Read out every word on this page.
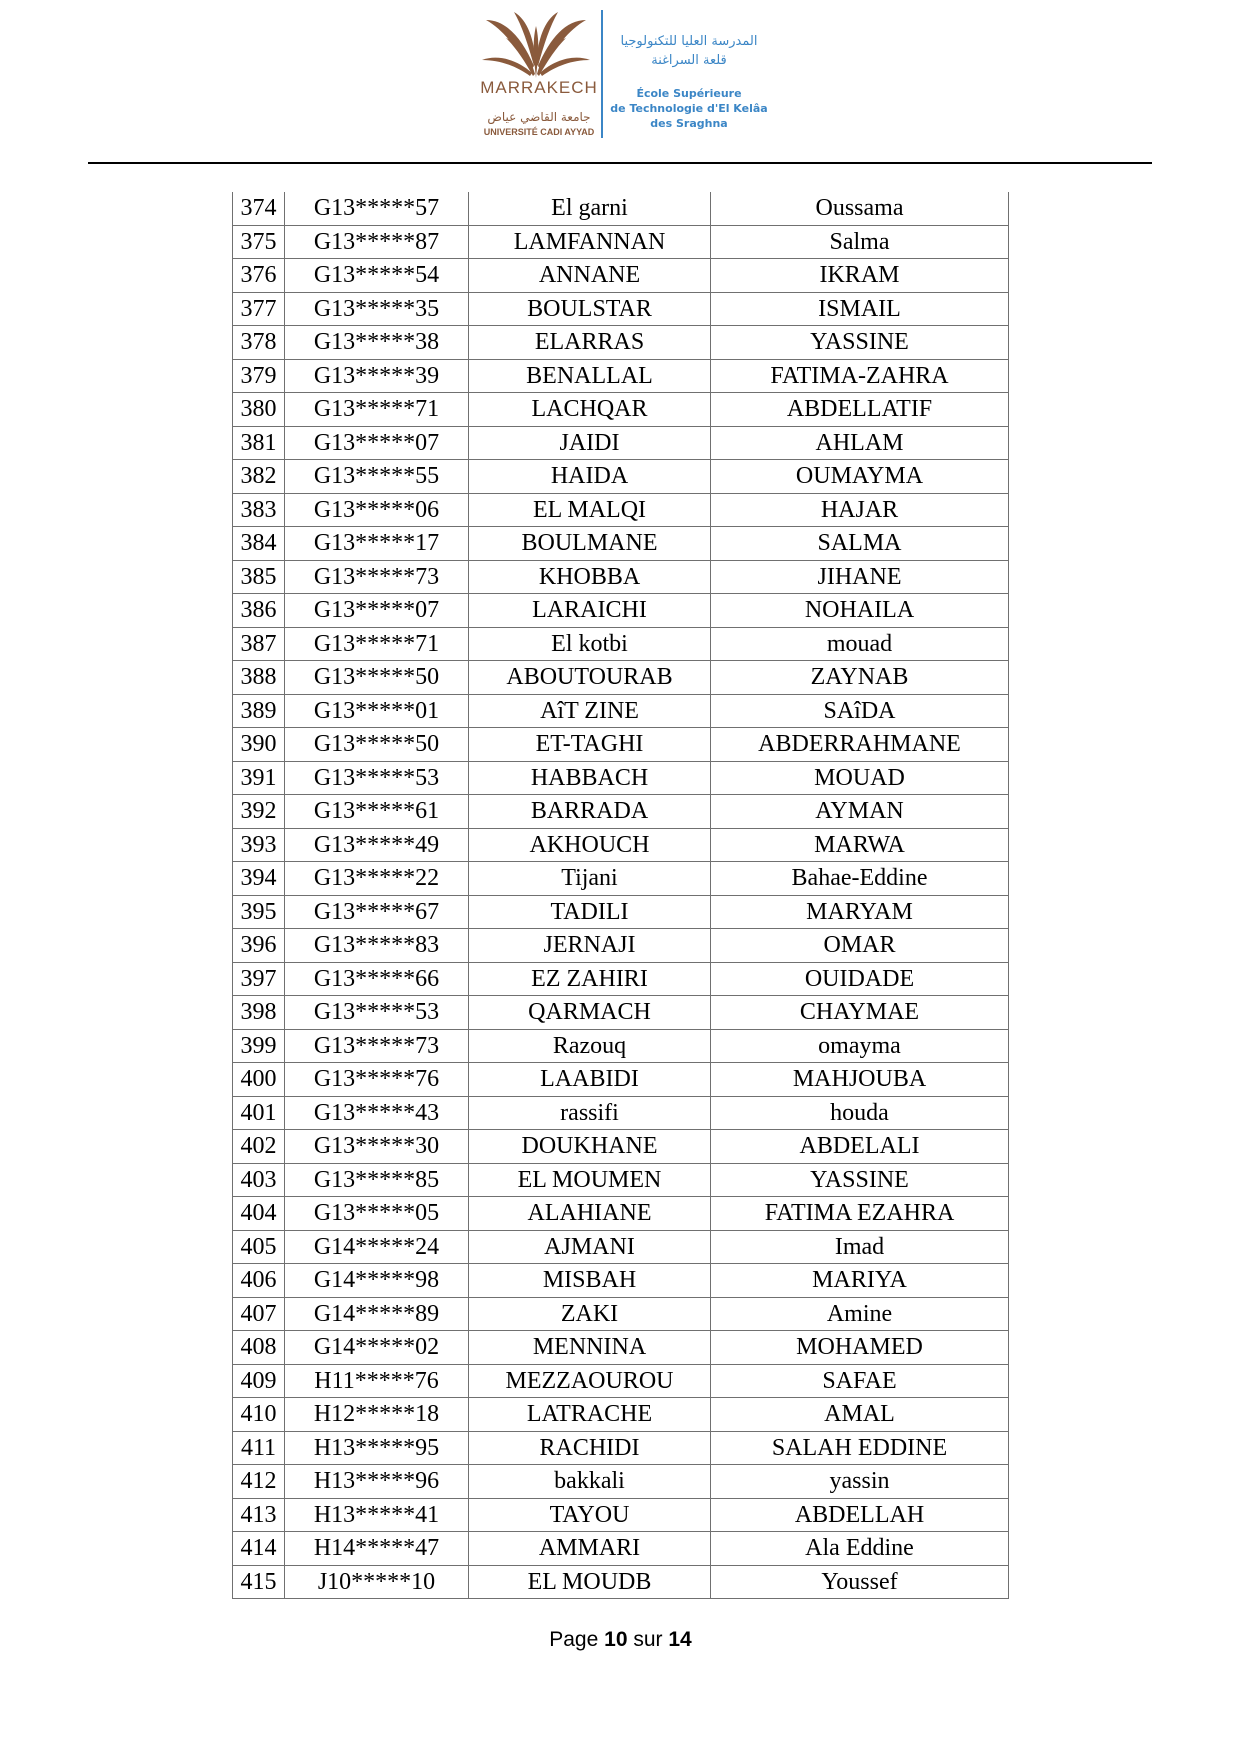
MARRAKECH
جامعة القاضي عياض
UNIVERSITÉ CADI AYYAD
المدرسة العليا للتكنولوجيا
قلعة السراغنة
École Supérieure
de Technologie d'El Kelâa
des Sraghna
374	G13*****57	El garni	Oussama
375	G13*****87	LAMFANNAN	Salma
376	G13*****54	ANNANE	IKRAM
377	G13*****35	BOULSTAR	ISMAIL
378	G13*****38	ELARRAS	YASSINE
379	G13*****39	BENALLAL	FATIMA-ZAHRA
380	G13*****71	LACHQAR	ABDELLATIF
381	G13*****07	JAIDI	AHLAM
382	G13*****55	HAIDA	OUMAYMA
383	G13*****06	EL MALQI	HAJAR
384	G13*****17	BOULMANE	SALMA
385	G13*****73	KHOBBA	JIHANE
386	G13*****07	LARAICHI	NOHAILA
387	G13*****71	El kotbi	mouad
388	G13*****50	ABOUTOURAB	ZAYNAB
389	G13*****01	AîT ZINE	SAîDA
390	G13*****50	ET-TAGHI	ABDERRAHMANE
391	G13*****53	HABBACH	MOUAD
392	G13*****61	BARRADA	AYMAN
393	G13*****49	AKHOUCH	MARWA
394	G13*****22	Tijani	Bahae-Eddine
395	G13*****67	TADILI	MARYAM
396	G13*****83	JERNAJI	OMAR
397	G13*****66	EZ ZAHIRI	OUIDADE
398	G13*****53	QARMACH	CHAYMAE
399	G13*****73	Razouq	omayma
400	G13*****76	LAABIDI	MAHJOUBA
401	G13*****43	rassifi	houda
402	G13*****30	DOUKHANE	ABDELALI
403	G13*****85	EL MOUMEN	YASSINE
404	G13*****05	ALAHIANE	FATIMA EZAHRA
405	G14*****24	AJMANI	Imad
406	G14*****98	MISBAH	MARIYA
407	G14*****89	ZAKI	Amine
408	G14*****02	MENNINA	MOHAMED
409	H11*****76	MEZZAOUROU	SAFAE
410	H12*****18	LATRACHE	AMAL
411	H13*****95	RACHIDI	SALAH EDDINE
412	H13*****96	bakkali	yassin
413	H13*****41	TAYOU	ABDELLAH
414	H14*****47	AMMARI	Ala Eddine
415	J10*****10	EL MOUDB	Youssef
Page 10 sur 14
